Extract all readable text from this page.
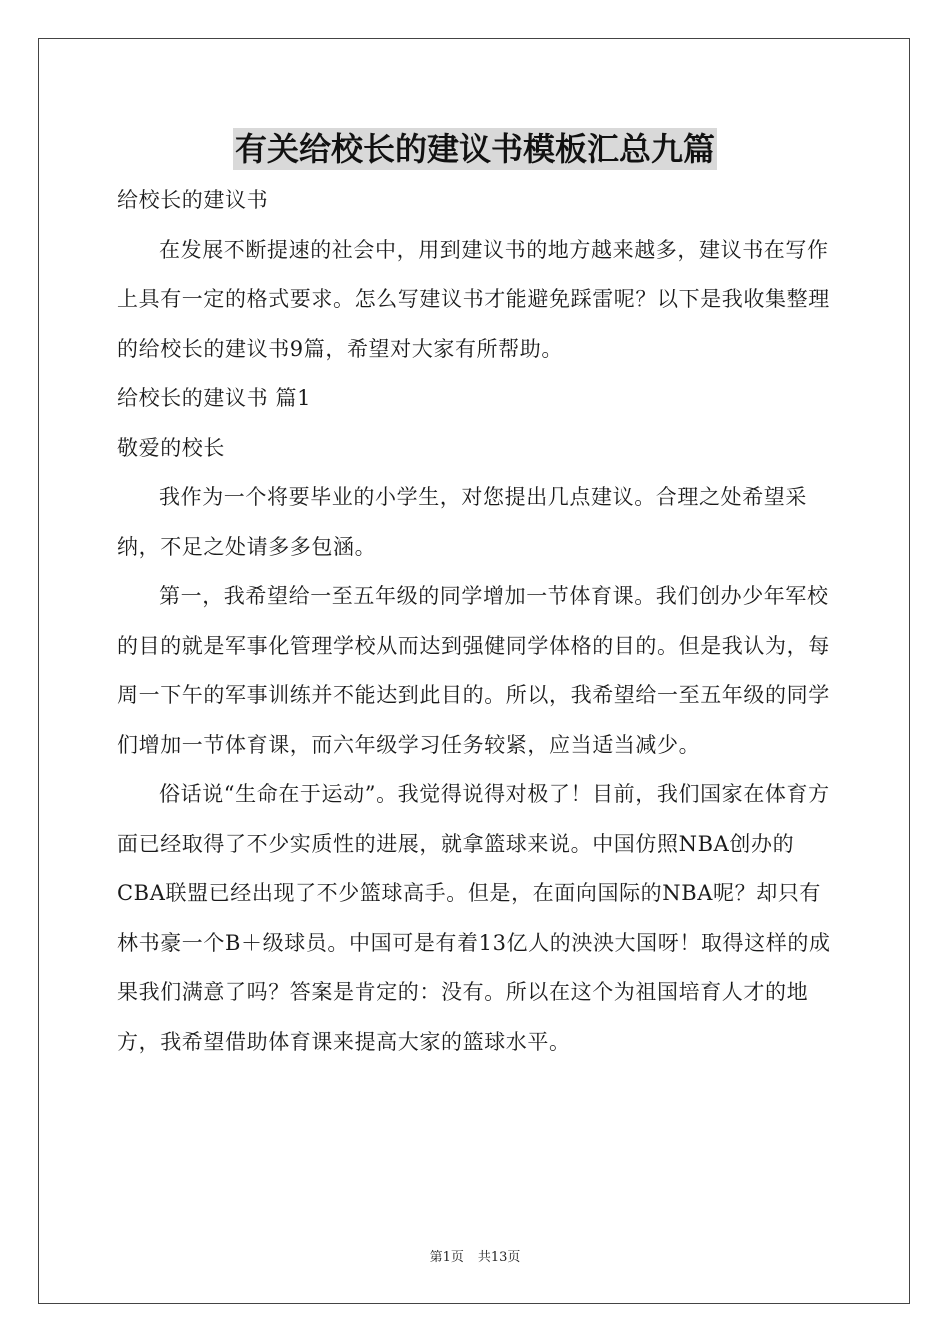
有关给校长的建议书模板汇总九篇

给校长的建议书

在发展不断提速的社会中，用到建议书的地方越来越多，建议书在写作上具有一定的格式要求。怎么写建议书才能避免踩雷呢？以下是我收集整理的给校长的建议书9篇，希望对大家有所帮助。

给校长的建议书 篇1

敬爱的校长

我作为一个将要毕业的小学生，对您提出几点建议。合理之处希望采纳，不足之处请多多包涵。

第一，我希望给一至五年级的同学增加一节体育课。我们创办少年军校的目的就是军事化管理学校从而达到强健同学体格的目的。但是我认为，每周一下午的军事训练并不能达到此目的。所以，我希望给一至五年级的同学们增加一节体育课，而六年级学习任务较紧，应当适当减少。

俗话说“生命在于运动”。我觉得说得对极了！目前，我们国家在体育方面已经取得了不少实质性的进展，就拿篮球来说。中国仿照NBA创办的CBA联盟已经出现了不少篮球高手。但是，在面向国际的NBA呢？却只有林书豪一个B＋级球员。中国可是有着13亿人的泱泱大国呀！取得这样的成果我们满意了吗？答案是肯定的：没有。所以在这个为祖国培育人才的地方，我希望借助体育课来提高大家的篮球水平。

第1页 共13页
